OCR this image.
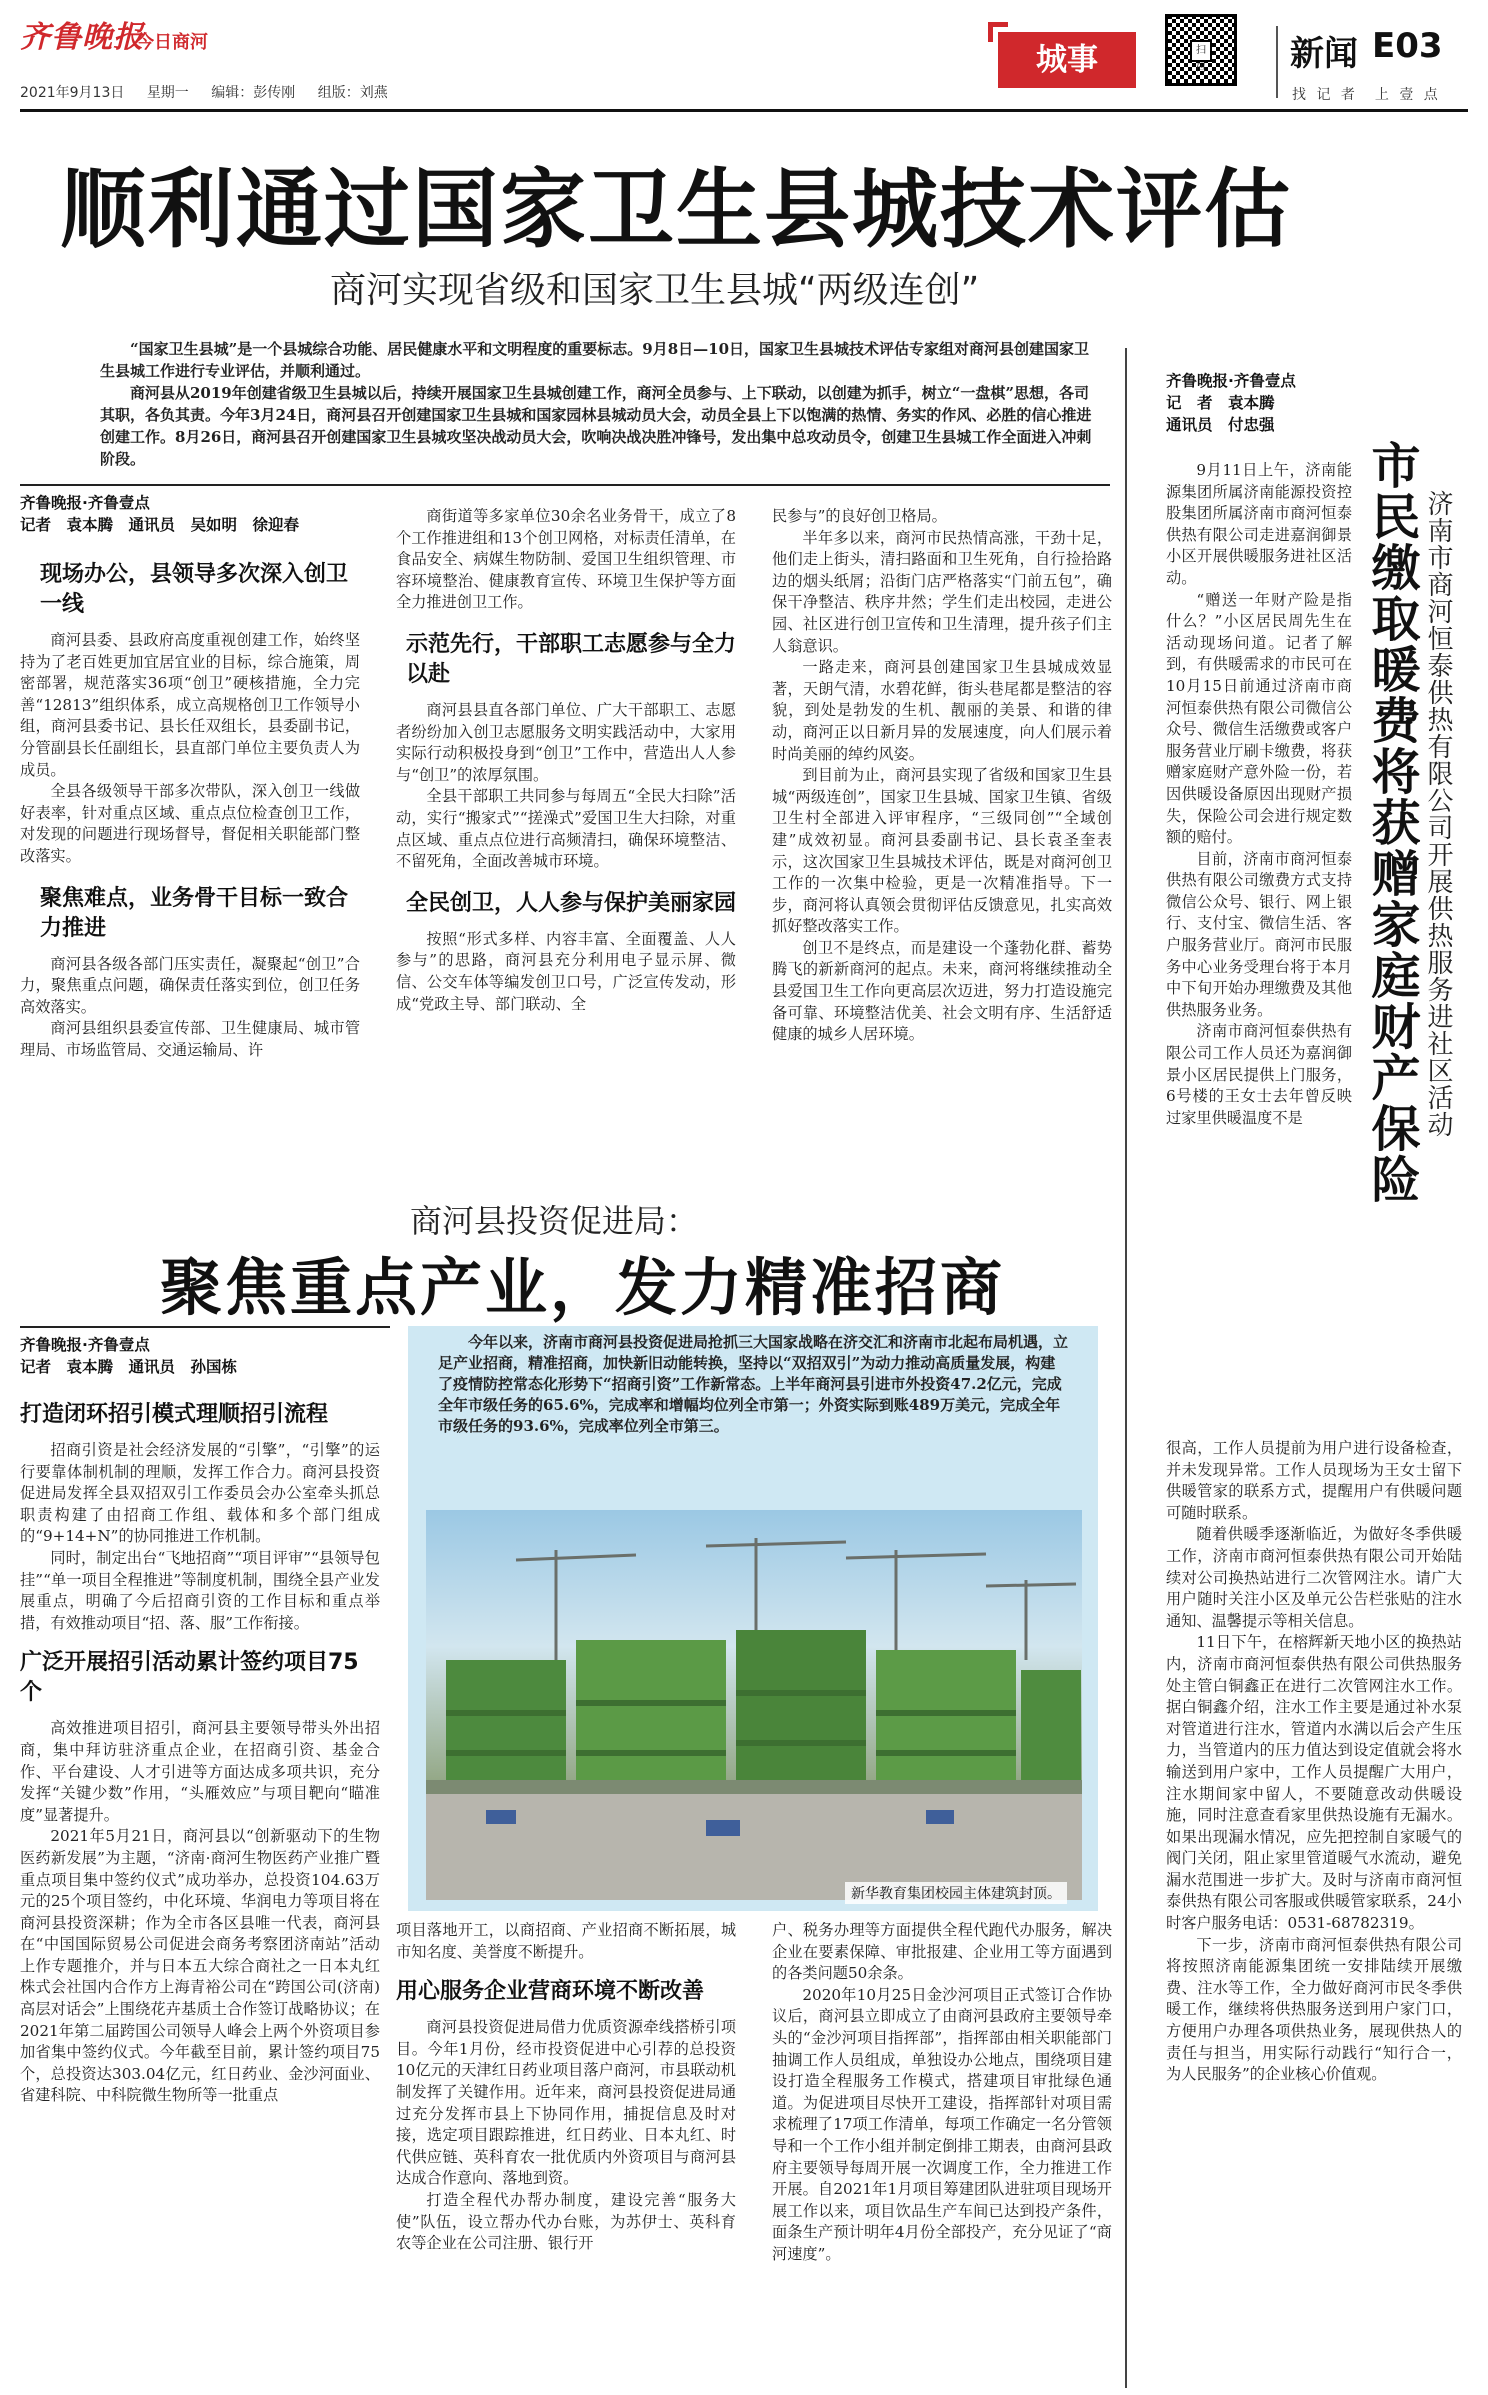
齐鲁晚报
今日商河
2021年9月13日 星期一 编辑：彭传刚 组版：刘燕
城事	扫码 新闻 E03
找 记 者　上 壹 点
顺利通过国家卫生县城技术评估
商河实现省级和国家卫生县城“两级连创”

“国家卫生县城”是一个县城综合功能、居民健康水平和文明程度的重要标志。9月8日—10日，国家卫生县城技术评估专家组对商河县创建国家卫生县城工作进行专业评估，并顺利通过。

商河县从2019年创建省级卫生县城以后，持续开展国家卫生县城创建工作，商河全员参与、上下联动，以创建为抓手，树立“一盘棋”思想，各司其职，各负其责。今年3月24日，商河县召开创建国家卫生县城和国家园林县城动员大会，动员全县上下以饱满的热情、务实的作风、必胜的信心推进创建工作。8月26日，商河县召开创建国家卫生县城攻坚决战动员大会，吹响决战决胜冲锋号，发出集中总攻动员令，创建卫生县城工作全面进入冲刺阶段。

齐鲁晚报·齐鲁壹点
记者　袁本腾　通讯员　吴如明　徐迎春
现场办公，县领导多次深入创卫一线

商河县委、县政府高度重视创建工作，始终坚持为了老百姓更加宜居宜业的目标，综合施策，周密部署，规范落实36项“创卫”硬核措施，全力完善“12813”组织体系，成立高规格创卫工作领导小组，商河县委书记、县长任双组长，县委副书记，分管副县长任副组长，县直部门单位主要负责人为成员。

全县各级领导干部多次带队，深入创卫一线做好表率，针对重点区域、重点点位检查创卫工作，对发现的问题进行现场督导，督促相关职能部门整改落实。

聚焦难点，业务骨干目标一致合力推进

商河县各级各部门压实责任，凝聚起“创卫”合力，聚焦重点问题，确保责任落实到位，创卫任务高效落实。

商河县组织县委宣传部、卫生健康局、城市管理局、市场监管局、交通运输局、许

商街道等多家单位30余名业务骨干，成立了8个工作推进组和13个创卫网格，对标责任清单，在食品安全、病媒生物防制、爱国卫生组织管理、市容环境整治、健康教育宣传、环境卫生保护等方面全力推进创卫工作。

示范先行，干部职工志愿参与全力以赴

商河县县直各部门单位、广大干部职工、志愿者纷纷加入创卫志愿服务文明实践活动中，大家用实际行动积极投身到“创卫”工作中，营造出人人参与“创卫”的浓厚氛围。

全县干部职工共同参与每周五“全民大扫除”活动，实行“搬家式”“搓澡式”爱国卫生大扫除，对重点区域、重点点位进行高频清扫，确保环境整洁、不留死角，全面改善城市环境。

全民创卫，人人参与保护美丽家园

按照“形式多样、内容丰富、全面覆盖、人人参与”的思路，商河县充分利用电子显示屏、微信、公交车体等编发创卫口号，广泛宣传发动，形成“党政主导、部门联动、全

民参与”的良好创卫格局。

半年多以来，商河市民热情高涨，干劲十足，他们走上街头，清扫路面和卫生死角，自行捡拾路边的烟头纸屑；沿街门店严格落实“门前五包”，确保干净整洁、秩序井然；学生们走出校园，走进公园、社区进行创卫宣传和卫生清理，提升孩子们主人翁意识。

一路走来，商河县创建国家卫生县城成效显著，天朗气清，水碧花鲜，街头巷尾都是整洁的容貌，到处是勃发的生机、靓丽的美景、和谐的律动，商河正以日新月异的发展速度，向人们展示着时尚美丽的绰约风姿。

到目前为止，商河县实现了省级和国家卫生县城“两级连创”，国家卫生县城、国家卫生镇、省级卫生村全部进入评审程序，“三级同创”“全域创建”成效初显。商河县委副书记、县长袁圣奎表示，这次国家卫生县城技术评估，既是对商河创卫工作的一次集中检验，更是一次精准指导。下一步，商河将认真领会贯彻评估反馈意见，扎实高效抓好整改落实工作。

创卫不是终点，而是建设一个蓬勃化群、蓄势腾飞的新新商河的起点。未来，商河将继续推动全县爱国卫生工作向更高层次迈进，努力打造设施完备可靠、环境整洁优美、社会文明有序、生活舒适健康的城乡人居环境。

商河县投资促进局：
聚焦重点产业，发力精准招商
今年以来，济南市商河县投资促进局抢抓三大国家战略在济交汇和济南市北起布局机遇，立足产业招商，精准招商，加快新旧动能转换，坚持以“双招双引”为动力推动高质量发展，构建了疫情防控常态化形势下“招商引资”工作新常态。上半年商河县引进市外投资47.2亿元，完成全年市级任务的65.6%，完成率和增幅均位列全市第一；外资实际到账489万美元，完成全年市级任务的93.6%，完成率位列全市第三。
新华教育集团校园主体建筑封顶。
齐鲁晚报·齐鲁壹点
记者　袁本腾　通讯员　孙国栋
打造闭环招引模式理顺招引流程

招商引资是社会经济发展的“引擎”，“引擎”的运行要靠体制机制的理顺，发挥工作合力。商河县投资促进局发挥全县双招双引工作委员会办公室牵头抓总职责构建了由招商工作组、载体和多个部门组成的“9+14+N”的协同推进工作机制。

同时，制定出台“飞地招商”“项目评审”“县领导包挂”“单一项目全程推进”等制度机制，围绕全县产业发展重点，明确了今后招商引资的工作目标和重点举措，有效推动项目“招、落、服”工作衔接。

广泛开展招引活动累计签约项目75个

高效推进项目招引，商河县主要领导带头外出招商，集中拜访驻济重点企业，在招商引资、基金合作、平台建设、人才引进等方面达成多项共识，充分发挥“关键少数”作用，“头雁效应”与项目靶向“瞄准度”显著提升。

2021年5月21日，商河县以“创新驱动下的生物医药新发展”为主题，“济南·商河生物医药产业推广暨重点项目集中签约仪式”成功举办，总投资104.63万元的25个项目签约，中化环境、华润电力等项目将在商河县投资深耕；作为全市各区县唯一代表，商河县在“中国国际贸易公司促进会商务考察团济南站”活动上作专题推介，并与日本五大综合商社之一日本丸红株式会社国内合作方上海青裕公司在“跨国公司(济南)高层对话会”上围绕花卉基质土合作签订战略协议；在2021年第二届跨国公司领导人峰会上两个外资项目参加省集中签约仪式。今年截至目前，累计签约项目75个，总投资达303.04亿元，红日药业、金沙河面业、省建科院、中科院微生物所等一批重点

项目落地开工，以商招商、产业招商不断拓展，城市知名度、美誉度不断提升。

用心服务企业营商环境不断改善

商河县投资促进局借力优质资源牵线搭桥引项目。今年1月份，经市投资促进中心引荐的总投资10亿元的天津红日药业项目落户商河，市县联动机制发挥了关键作用。近年来，商河县投资促进局通过充分发挥市县上下协同作用，捕捉信息及时对接，选定项目跟踪推进，红日药业、日本丸红、时代供应链、英科育农一批优质内外资项目与商河县达成合作意向、落地到资。

打造全程代办帮办制度，建设完善“服务大使”队伍，设立帮办代办台账，为苏伊士、英科育农等企业在公司注册、银行开

户、税务办理等方面提供全程代跑代办服务，解决企业在要素保障、审批报建、企业用工等方面遇到的各类问题50余条。

2020年10月25日金沙河项目正式签订合作协议后，商河县立即成立了由商河县政府主要领导牵头的“金沙河项目指挥部”，指挥部由相关职能部门抽调工作人员组成，单独设办公地点，围绕项目建设打造全程服务工作模式，搭建项目审批绿色通道。为促进项目尽快开工建设，指挥部针对项目需求梳理了17项工作清单，每项工作确定一名分管领导和一个工作小组并制定倒排工期表，由商河县政府主要领导每周开展一次调度工作，全力推进工作开展。自2021年1月项目筹建团队进驻项目现场开展工作以来，项目饮品生产车间已达到投产条件，面条生产预计明年4月份全部投产，充分见证了“商河速度”。

齐鲁晚报·齐鲁壹点
记　者　袁本腾
通讯员　付忠强
济南市商河恒泰供热有限公司开展供热服务进社区活动
市民缴取暖费将获赠家庭财产保险

9月11日上午，济南能源集团所属济南能源投资控股集团所属济南市商河恒泰供热有限公司走进嘉润御景小区开展供暖服务进社区活动。

“赠送一年财产险是指什么？”小区居民周先生在活动现场问道。记者了解到，有供暖需求的市民可在10月15日前通过济南市商河恒泰供热有限公司微信公众号、微信生活缴费或客户服务营业厅刷卡缴费，将获赠家庭财产意外险一份，若因供暖设备原因出现财产损失，保险公司会进行规定数额的赔付。

目前，济南市商河恒泰供热有限公司缴费方式支持微信公众号、银行、网上银行、支付宝、微信生活、客户服务营业厅。商河市民服务中心业务受理台将于本月中下旬开始办理缴费及其他供热服务业务。

济南市商河恒泰供热有限公司工作人员还为嘉润御景小区居民提供上门服务，6号楼的王女士去年曾反映过家里供暖温度不是

很高，工作人员提前为用户进行设备检查，并未发现异常。工作人员现场为王女士留下供暖管家的联系方式，提醒用户有供暖问题可随时联系。

随着供暖季逐渐临近，为做好冬季供暖工作，济南市商河恒泰供热有限公司开始陆续对公司换热站进行二次管网注水。请广大用户随时关注小区及单元公告栏张贴的注水通知、温馨提示等相关信息。

11日下午，在榕辉新天地小区的换热站内，济南市商河恒泰供热有限公司供热服务处主管白铜鑫正在进行二次管网注水工作。据白铜鑫介绍，注水工作主要是通过补水泵对管道进行注水，管道内水满以后会产生压力，当管道内的压力值达到设定值就会将水输送到用户家中，工作人员提醒广大用户，注水期间家中留人，不要随意改动供暖设施，同时注意查看家里供热设施有无漏水。如果出现漏水情况，应先把控制自家暖气的阀门关闭，阻止家里管道暖气水流动，避免漏水范围进一步扩大。及时与济南市商河恒泰供热有限公司客服或供暖管家联系，24小时客户服务电话：0531-68782319。

下一步，济南市商河恒泰供热有限公司将按照济南能源集团统一安排陆续开展缴费、注水等工作，全力做好商河市民冬季供暖工作，继续将供热服务送到用户家门口，方便用户办理各项供热业务，展现供热人的责任与担当，用实际行动践行“知行合一，为人民服务”的企业核心价值观。
